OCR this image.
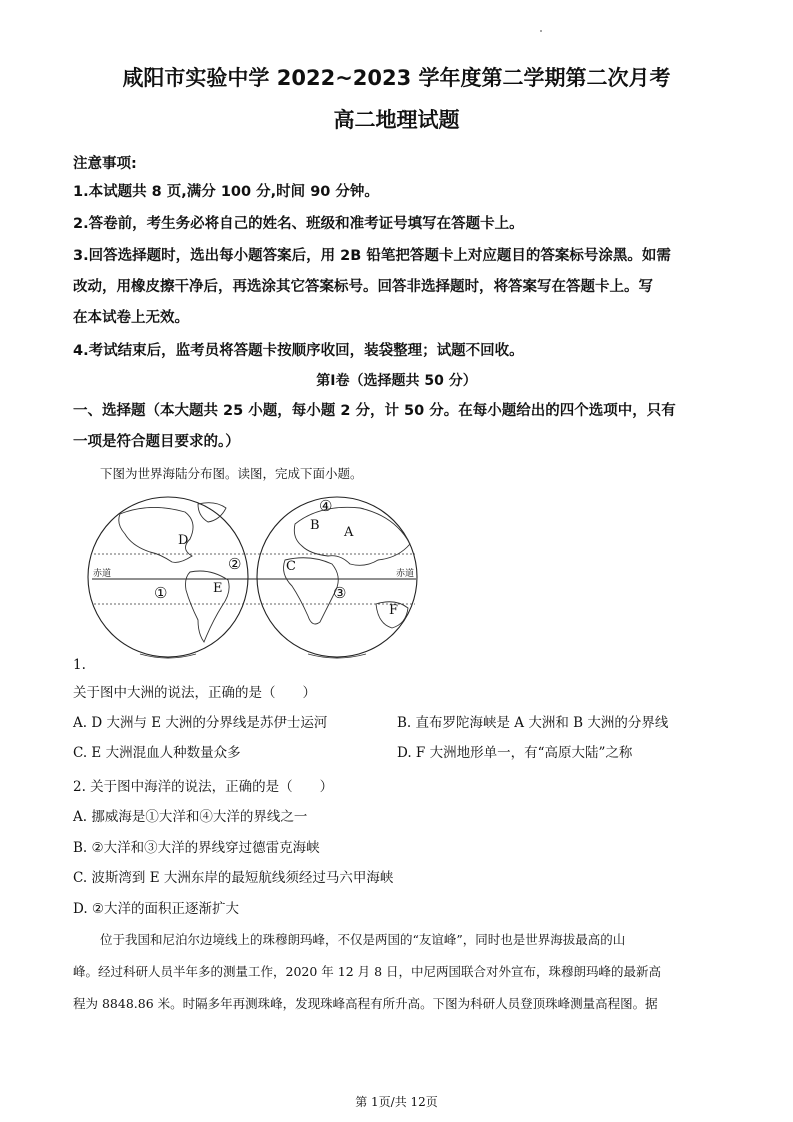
咸阳市实验中学 2022~2023 学年度第二学期第二次月考
高二地理试题
注意事项:
1.本试题共 8 页,满分 100 分,时间 90 分钟。
2.答卷前，考生务必将自己的姓名、班级和准考证号填写在答题卡上。
3.回答选择题时，选出每小题答案后，用 2B 铅笔把答题卡上对应题目的答案标号涂黑。如需
改动，用橡皮擦干净后，再选涂其它答案标号。回答非选择题时，将答案写在答题卡上。写
在本试卷上无效。
4.考试结束后，监考员将答题卡按顺序收回，装袋整理；试题不回收。
第Ⅰ卷（选择题共 50 分）
一、选择题（本大题共 25 小题，每小题 2 分，计 50 分。在每小题给出的四个选项中，只有
一项是符合题目要求的。）
下图为世界海陆分布图。读图，完成下面小题。
D
E
A
B
C
F
②
①	③
④
赤道	赤道
1.
关于图中大洲的说法，正确的是（　　）
A. D 大洲与 E 大洲的分界线是苏伊士运河	B. 直布罗陀海峡是 A 大洲和 B 大洲的分界线
C. E 大洲混血人种数量众多	D. F 大洲地形单一，有“高原大陆”之称
2. 关于图中海洋的说法，正确的是（　　）
A. 挪威海是①大洋和④大洋的界线之一
B. ②大洋和③大洋的界线穿过德雷克海峡
C. 波斯湾到 E 大洲东岸的最短航线须经过马六甲海峡
D. ②大洋的面积正逐渐扩大
位于我国和尼泊尔边境线上的珠穆朗玛峰，不仅是两国的“友谊峰”，同时也是世界海拔最高的山
峰。经过科研人员半年多的测量工作，2020 年 12 月 8 日，中尼两国联合对外宣布，珠穆朗玛峰的最新高
程为 8848.86 米。时隔多年再测珠峰，发现珠峰高程有所升高。下图为科研人员登顶珠峰测量高程图。据
第 1页/共 12页
